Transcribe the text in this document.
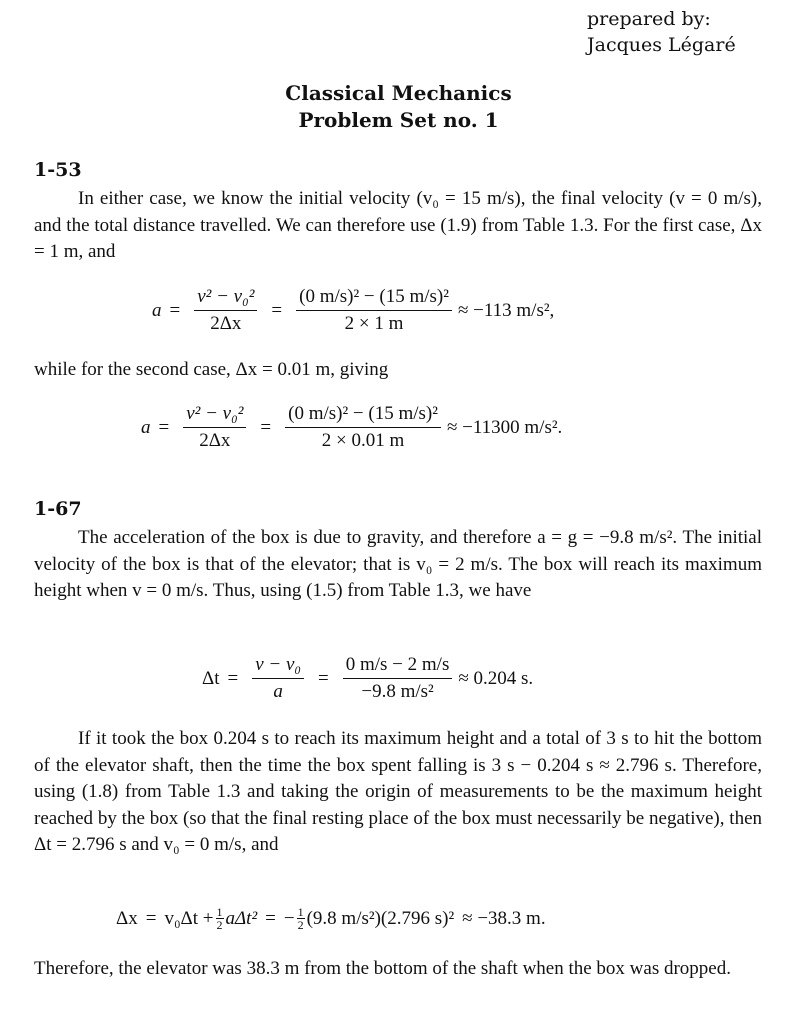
prepared by:
Jacques Légaré
Classical Mechanics
Problem Set no. 1
1-53
In either case, we know the initial velocity (v₀ = 15 m/s), the final velocity (v = 0 m/s), and the total distance travelled. We can therefore use (1.9) from Table 1.3. For the first case, Δx = 1 m, and
$a = \frac{\text{v² − v₀²}}{2\Delta x} = \frac{\text{(0 m/s)² − (15 m/s)²}}{2 \times 1 m} \approx -113$ m/s²,
while for the second case, Δx = 0.01 m, giving
$a = \frac{\text{v² − v₀²}}{2\Delta x} = \frac{\text{(0 m/s)² − (15 m/s)²}}{2 \times 0.01 m} \approx -11300$ m/s².
1-67
The acceleration of the box is due to gravity, and therefore a = g = −9.8 m/s². The initial velocity of the box is that of the elevator; that is v₀ = 2 m/s. The box will reach its maximum height when v = 0 m/s. Thus, using (1.5) from Table 1.3, we have
$\Delta t = \frac{\text{v − v₀}}{a} = \frac{0 m/s - 2 m/s}{\text{−9.8 m/s²}} \approx 0.204$ s.
If it took the box 0.204 s to reach its maximum height and a total of 3 s to hit the bottom of the elevator shaft, then the time the box spent falling is 3 s − 0.204 s ≈ 2.796 s. Therefore, using (1.8) from Table 1.3 and taking the origin of measurements to be the maximum height reached by the box (so that the final resting place of the box must necessarily be negative), then Δt = 2.796 s and v₀ = 0 m/s, and
$\Delta x = v_0\Delta t + \frac{1}{2} a\Delta t^2$ = − $\frac{1}{2} (9.8$ m/s²)(2.796 s)² ≈ −38.3 m.
Therefore, the elevator was 38.3 m from the bottom of the shaft when the box was dropped.
